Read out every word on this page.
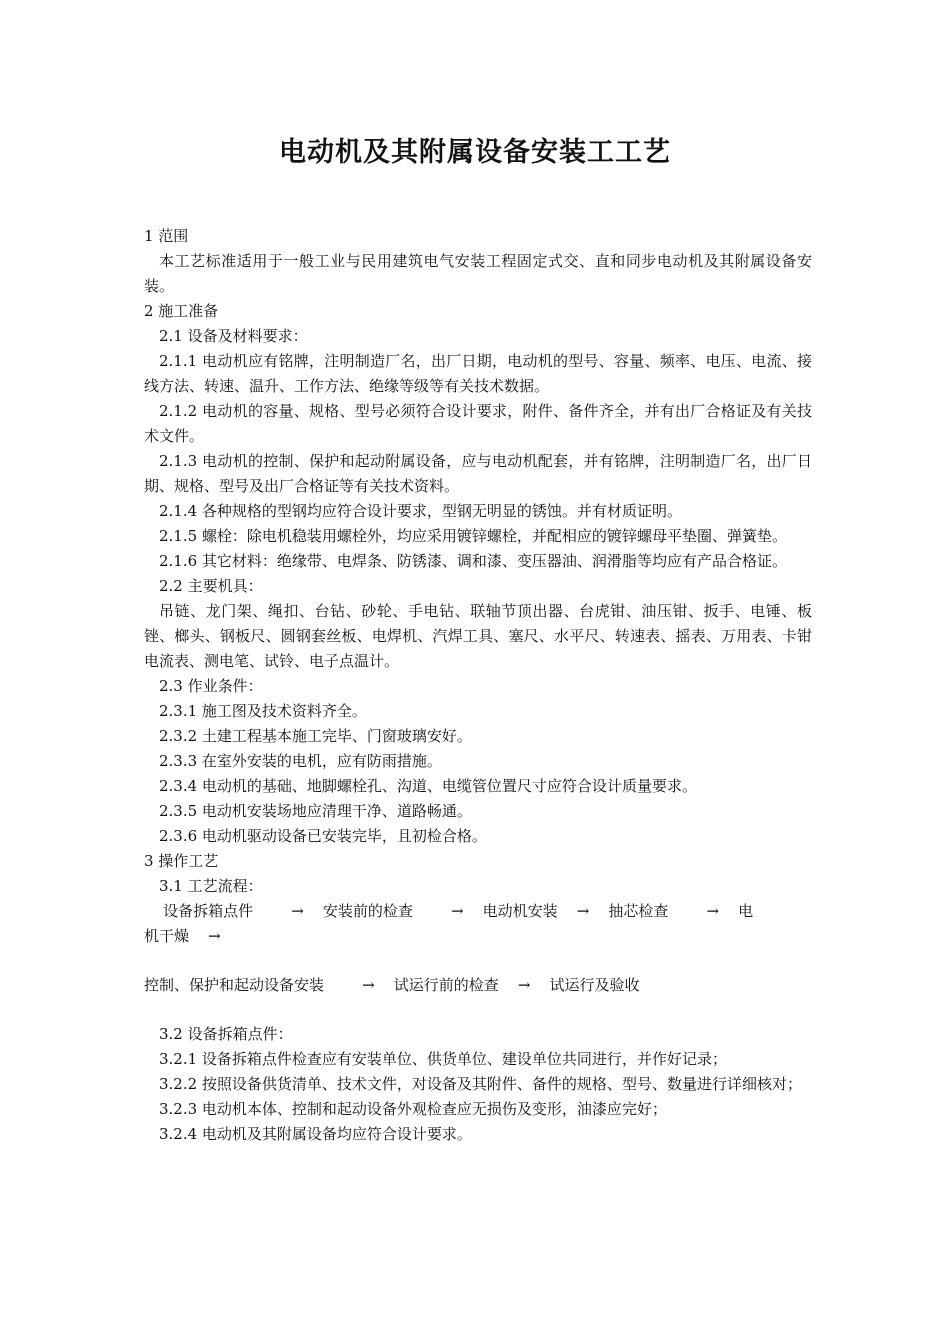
电动机及其附属设备安装工工艺

1 范围

本工艺标准适用于一般工业与民用建筑电气安装工程固定式交、直和同步电动机及其附属设备安装。

2 施工准备

2.1 设备及材料要求：

2.1.1 电动机应有铭牌，注明制造厂名，出厂日期，电动机的型号、容量、频率、电压、电流、接线方法、转速、温升、工作方法、绝缘等级等有关技术数据。

2.1.2 电动机的容量、规格、型号必须符合设计要求，附件、备件齐全，并有出厂合格证及有关技术文件。

2.1.3 电动机的控制、保护和起动附属设备，应与电动机配套，并有铭牌，注明制造厂名，出厂日期、规格、型号及出厂合格证等有关技术资料。

2.1.4 各种规格的型钢均应符合设计要求，型钢无明显的锈蚀。并有材质证明。

2.1.5 螺栓：除电机稳装用螺栓外，均应采用镀锌螺栓，并配相应的镀锌螺母平垫圈、弹簧垫。

2.1.6 其它材料：绝缘带、电焊条、防锈漆、调和漆、变压器油、润滑脂等均应有产品合格证。

2.2 主要机具：

吊链、龙门架、绳扣、台钻、砂轮、手电钻、联轴节顶出器、台虎钳、油压钳、扳手、电锤、板锉、榔头、钢板尺、圆钢套丝板、电焊机、汽焊工具、塞尺、水平尺、转速表、摇表、万用表、卡钳电流表、测电笔、试铃、电子点温计。

2.3 作业条件：

2.3.1 施工图及技术资料齐全。

2.3.2 土建工程基本施工完毕、门窗玻璃安好。

2.3.3 在室外安装的电机，应有防雨措施。

2.3.4 电动机的基础、地脚螺栓孔、沟道、电缆管位置尺寸应符合设计质量要求。

2.3.5 电动机安装场地应清理干净、道路畅通。

2.3.6 电动机驱动设备已安装完毕，且初检合格。

3 操作工艺

3.1 工艺流程：

设备拆箱点件        →    安装前的检查        →    电动机安装    →    抽芯检查        →    电

机干燥    →

控制、保护和起动设备安装        →    试运行前的检查    →    试运行及验收

3.2 设备拆箱点件：

3.2.1 设备拆箱点件检查应有安装单位、供货单位、建设单位共同进行，并作好记录；

3.2.2 按照设备供货清单、技术文件，对设备及其附件、备件的规格、型号、数量进行详细核对；

3.2.3 电动机本体、控制和起动设备外观检查应无损伤及变形，油漆应完好；

3.2.4 电动机及其附属设备均应符合设计要求。
